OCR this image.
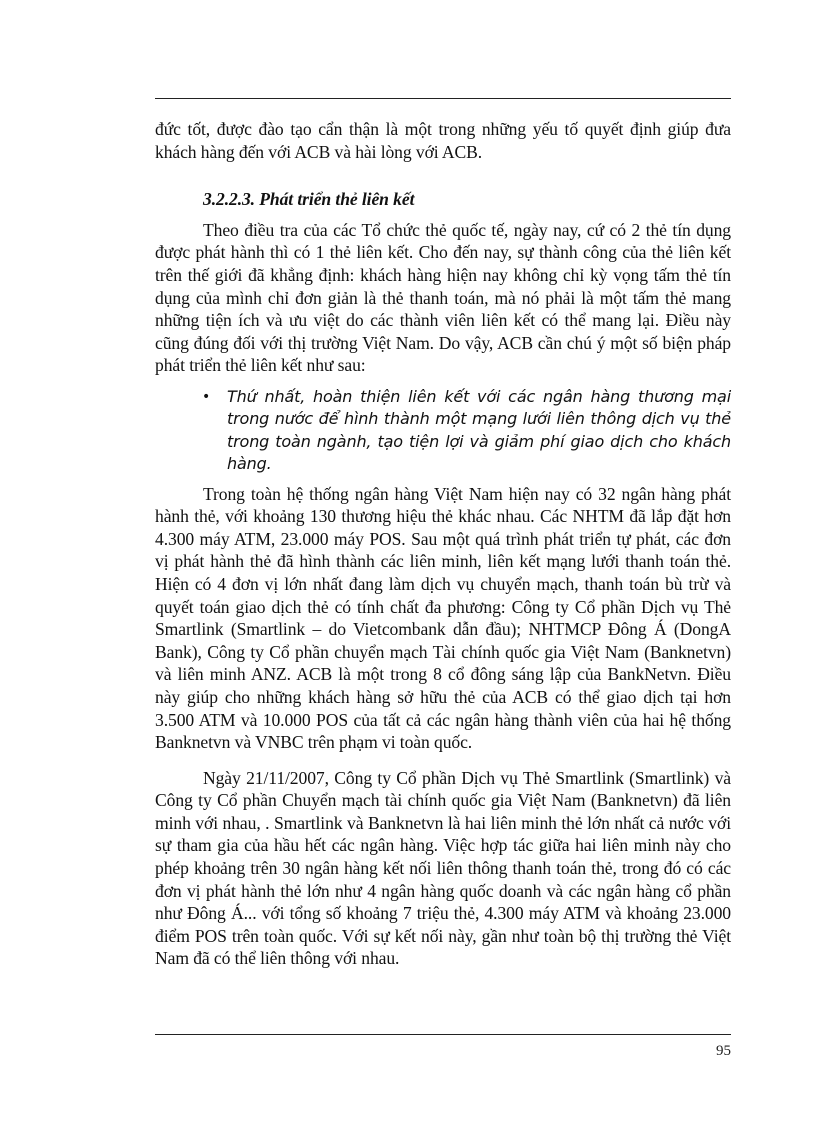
đức tốt, được đào tạo cẩn thận là một trong những yếu tố quyết định giúp đưa khách hàng đến với ACB và hài lòng với ACB.

3.2.2.3. Phát triển thẻ liên kết

Theo điều tra của các Tổ chức thẻ quốc tế, ngày nay, cứ có 2 thẻ tín dụng được phát hành thì có 1 thẻ liên kết. Cho đến nay, sự thành công của thẻ liên kết trên thế giới đã khẳng định: khách hàng hiện nay không chỉ kỳ vọng tấm thẻ tín dụng của mình chỉ đơn giản là thẻ thanh toán, mà nó phải là một tấm thẻ mang những tiện ích và ưu việt do các thành viên liên kết có thể mang lại. Điều này cũng đúng đối với thị trường Việt Nam. Do vậy, ACB cần chú ý một số biện pháp phát triển thẻ liên kết như sau:

• Thứ nhất, hoàn thiện liên kết với các ngân hàng thương mại trong nước để hình thành một mạng lưới liên thông dịch vụ thẻ trong toàn ngành, tạo tiện lợi và giảm phí giao dịch cho khách hàng.

Trong toàn hệ thống ngân hàng Việt Nam hiện nay có 32 ngân hàng phát hành thẻ, với khoảng 130 thương hiệu thẻ khác nhau. Các NHTM đã lắp đặt hơn 4.300 máy ATM, 23.000 máy POS. Sau một quá trình phát triển tự phát, các đơn vị phát hành thẻ đã hình thành các liên minh, liên kết mạng lưới thanh toán thẻ. Hiện có 4 đơn vị lớn nhất đang làm dịch vụ chuyển mạch, thanh toán bù trừ và quyết toán giao dịch thẻ có tính chất đa phương: Công ty Cổ phần Dịch vụ Thẻ Smartlink (Smartlink – do Vietcombank dẫn đầu); NHTMCP Đông Á (DongA Bank), Công ty Cổ phần chuyển mạch Tài chính quốc gia Việt Nam (Banknetvn) và liên minh ANZ. ACB là một trong 8 cổ đông sáng lập của BankNetvn. Điều này giúp cho những khách hàng sở hữu thẻ của ACB có thể giao dịch tại hơn 3.500 ATM và 10.000 POS của tất cả các ngân hàng thành viên của hai hệ thống Banknetvn và VNBC trên phạm vi toàn quốc.

Ngày 21/11/2007, Công ty Cổ phần Dịch vụ Thẻ Smartlink (Smartlink) và Công ty Cổ phần Chuyển mạch tài chính quốc gia Việt Nam (Banknetvn) đã liên minh với nhau, . Smartlink và Banknetvn là hai liên minh thẻ lớn nhất cả nước với sự tham gia của hầu hết các ngân hàng. Việc hợp tác giữa hai liên minh này cho phép khoảng trên 30 ngân hàng kết nối liên thông thanh toán thẻ, trong đó có các đơn vị phát hành thẻ lớn như 4 ngân hàng quốc doanh và các ngân hàng cổ phần như Đông Á... với tổng số khoảng 7 triệu thẻ, 4.300 máy ATM và khoảng 23.000 điểm POS trên toàn quốc. Với sự kết nối này, gần như toàn bộ thị trường thẻ Việt Nam đã có thể liên thông với nhau.

95
